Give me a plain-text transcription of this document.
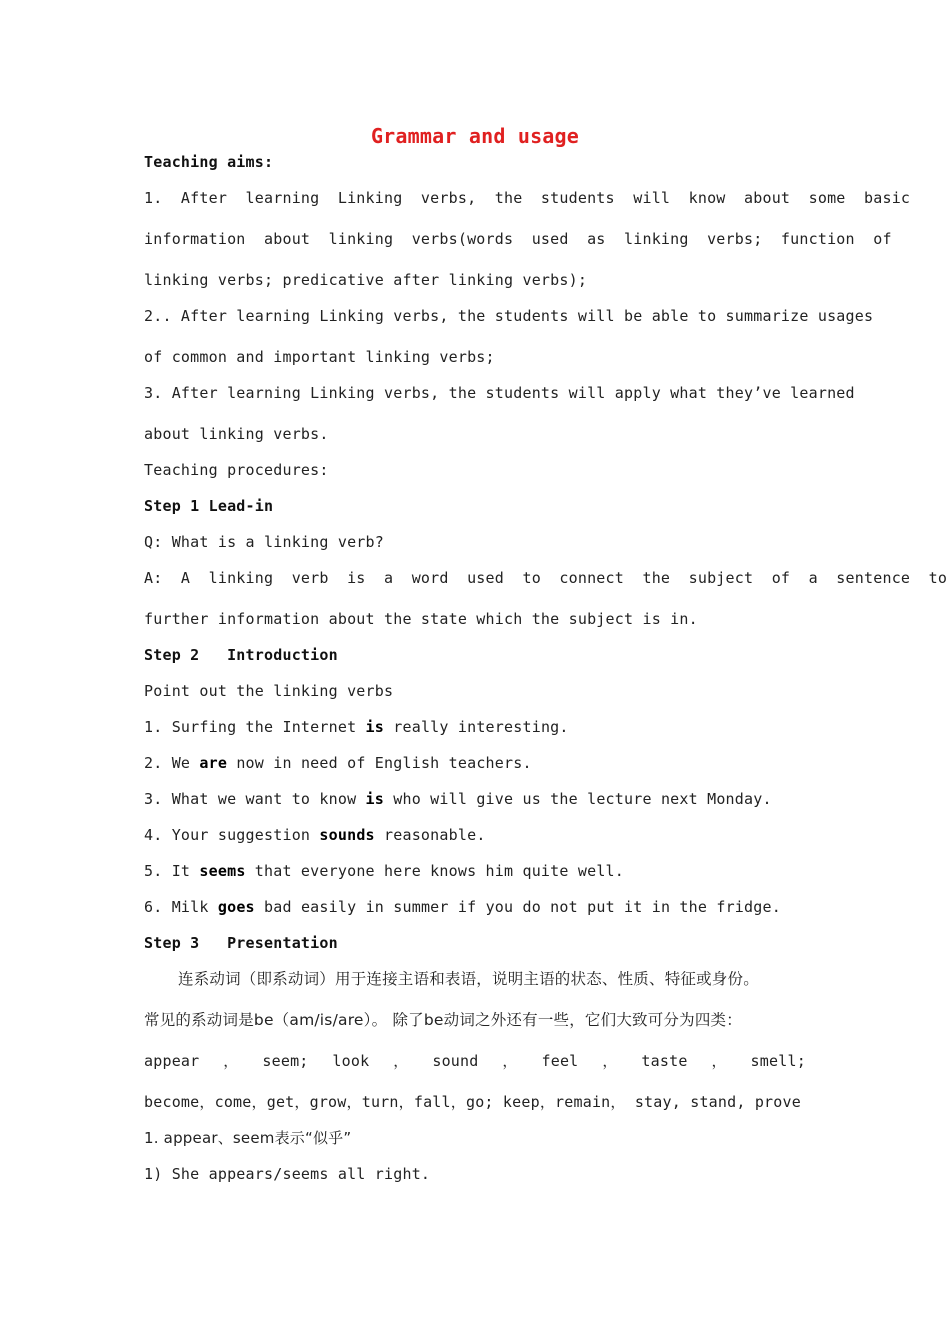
Grammar and usage
Teaching aims:
1.  After  learning  Linking  verbs,  the  students  will  know  about  some  basic
information  about  linking  verbs(words  used  as  linking  verbs;  function  of
linking verbs; predicative after linking verbs);
2.. After learning Linking verbs, the students will be able to summarize usages
of common and important linking verbs;
3. After learning Linking verbs, the students will apply what they’ve learned
about linking verbs.
Teaching procedures:
Step 1 Lead-in
Q: What is a linking verb?
A:  A  linking  verb  is  a  word  used  to  connect  the  subject  of  a  sentence  to
further information about the state which the subject is in.
Step 2   Introduction
Point out the linking verbs
1. Surfing the Internet is really interesting.
2. We are now in need of English teachers.
3. What we want to know is who will give us the lecture next Monday.
4. Your suggestion sounds reasonable.
5. It seems that everyone here knows him quite well.
6. Milk goes bad easily in summer if you do not put it in the fridge.
Step 3   Presentation
连系动词（即系动词）用于连接主语和表语，说明主语的状态、性质、特征或身份。
常见的系动词是be（am/is/are）。 除了be动词之外还有一些，它们大致可分为四类：
appear ， seem; look ， sound ， feel ， taste ， smell;
become，come，get，grow，turn，fall，go; keep，remain， stay, stand, prove
1. appear、seem表示“似乎”
1) She appears/seems all right.
